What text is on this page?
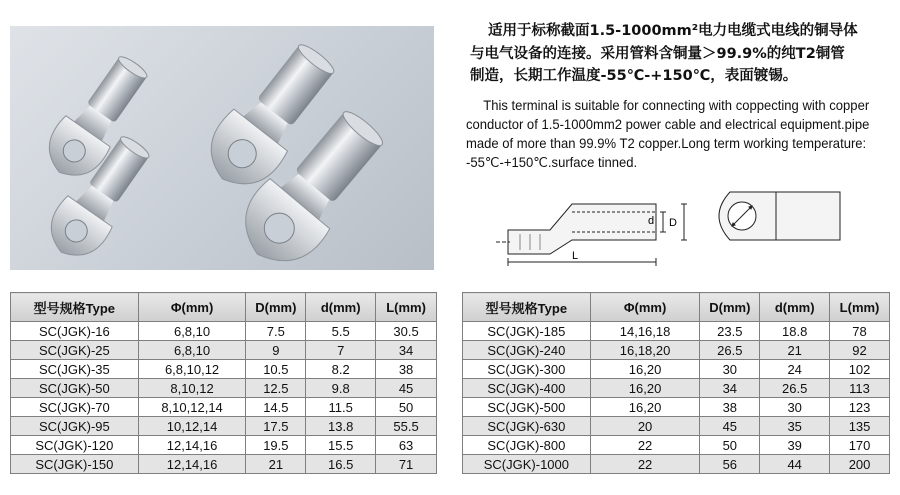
适用于标称截面1.5-1000mm²电力电缆式电线的铜导体
与电气设备的连接。采用管料含铜量＞99.9%的纯T2铜管
制造，长期工作温度-55℃-+150℃，表面镀锡。
This terminal is suitable for connecting with coppecting with copper
conductor of 1.5-1000mm2 power cable and electrical equipment.pipe
made of more than 99.9% T2 copper.Long term working temperature:
-55℃-+150℃.surface tinned.
d D
L
型号规格Type	Φ(mm)	D(mm)	d(mm)	L(mm)
SC(JGK)-16	6,8,10	7.5	5.5	30.5
SC(JGK)-25	6,8,10	9	7	34
SC(JGK)-35	6,8,10,12	10.5	8.2	38
SC(JGK)-50	8,10,12	12.5	9.8	45
SC(JGK)-70	8,10,12,14	14.5	11.5	50
SC(JGK)-95	10,12,14	17.5	13.8	55.5
SC(JGK)-120	12,14,16	19.5	15.5	63
SC(JGK)-150	12,14,16	21	16.5	71
型号规格Type	Φ(mm)	D(mm)	d(mm)	L(mm)
SC(JGK)-185	14,16,18	23.5	18.8	78
SC(JGK)-240	16,18,20	26.5	21	92
SC(JGK)-300	16,20	30	24	102
SC(JGK)-400	16,20	34	26.5	113
SC(JGK)-500	16,20	38	30	123
SC(JGK)-630	20	45	35	135
SC(JGK)-800	22	50	39	170
SC(JGK)-1000	22	56	44	200
